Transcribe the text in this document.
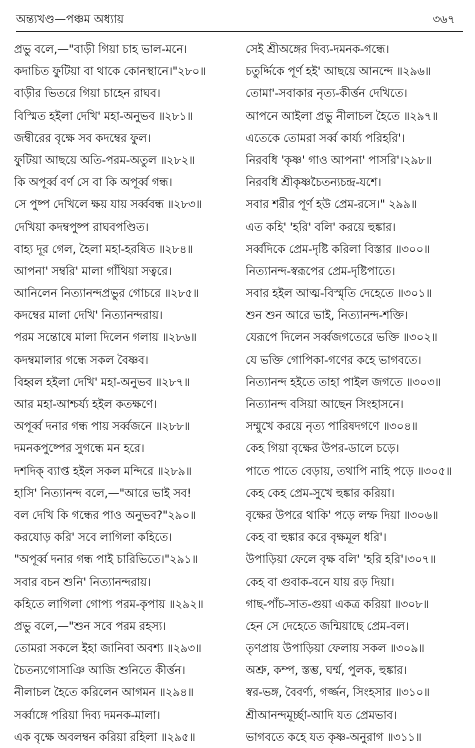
অন্ত্যখণ্ড—পঞ্চম অধ্যায়	৩৬৭
প্রভু বলে,—"বাড়ী গিয়া চাহ ভাল-মনে।
কদাচিত ফুটিয়া বা থাকে কোনস্থানে।"২৮০॥
বাড়ীর ভিতরে গিয়া চাহেন রাঘব।
বিস্মিত হইলা দেখি' মহা-অনুভব ॥২৮১॥
জম্বীরের বৃক্ষে সব কদম্বের ফুল।
ফুটিয়া আছয়ে অতি-পরম-অতুল ॥২৮২॥
কি অপূর্ব্ব বর্ণ সে বা কি অপূর্ব্ব গন্ধ।
সে পুষ্প দেখিলে ক্ষয় যায় সর্ব্ববন্ধ ॥২৮৩॥
দেখিয়া কদম্বপুষ্প রাঘবপণ্ডিত।
বাহ্য দূর গেল, হৈলা মহা-হরষিত ॥২৮৪॥
আপনা' সম্বরি' মালা গাঁথিয়া সত্বরে।
আনিলেন নিত্যানন্দপ্রভুর গোচরে ॥২৮৫॥
কদম্বের মালা দেখি' নিত্যানন্দরায়।
পরম সন্তোষে মালা দিলেন গলায় ॥২৮৬॥
কদম্বমালার গন্ধে সকল বৈষ্ণব।
বিহ্বল হইলা দেখি' মহা-অনুভব ॥২৮৭॥
আর মহা-আশ্চর্য্য হইল কতক্ষণে।
অপূর্ব্ব দনার গন্ধ পায় সর্ব্বজনে ॥২৮৮॥
দমনকপুষ্পের সুগন্ধে মন হরে।
দশদিক্‌ ব্যাপ্ত হইল সকল মন্দিরে ॥২৮৯॥
হাসি' নিত্যানন্দ বলে,—"আরে ভাই সব!
বল দেখি কি গন্ধের পাও অনুভব?"২৯০॥
করযোড় করি' সবে লাগিলা কহিতে।
"অপূর্ব্ব দনার গন্ধ পাই চারিভিতে।"২৯১॥
সবার বচন শুনি' নিত্যানন্দরায়।
কহিতে লাগিলা গোপ্য পরম-কৃপায় ॥২৯২॥
প্রভু বলে,—"শুন সবে পরম রহস্য।
তোমরা সকলে ইহা জানিবা অবশ্য ॥২৯৩॥
চৈতন্যগোসাঞি আজি শুনিতে কীর্ত্তন।
নীলাচল হৈতে করিলেন আগমন ॥২৯৪॥
সর্ব্বাঙ্গে পরিয়া দিব্য দমনক-মালা।
এক বৃক্ষে অবলম্বন করিয়া রহিলা ॥২৯৫॥
সেই শ্রীঅঙ্গের দিব্য-দমনক-গন্ধে।
চতুর্দ্দিকে পূর্ণ হই' আছয়ে আনন্দে ॥২৯৬॥
তোমা'-সবাকার নৃত্য-কীর্ত্তন দেখিতে।
আপনে আইলা প্রভু নীলাচল হৈতে ॥২৯৭॥
এতেকে তোমরা সর্ব্ব কার্য্য পরিহরি'।
নিরবধি 'কৃষ্ণ' গাও আপনা' পাসরি'।২৯৮॥
নিরবধি শ্রীকৃষ্ণচৈতন্যচন্দ্র-যশে।
সবার শরীর পূর্ণ হউ প্রেম-রসে।" ২৯৯॥
এত কহি' 'হরি' বলি' করয়ে হুঙ্কার।
সর্ব্বদিকে প্রেম-দৃষ্টি করিলা বিস্তার ॥৩০০॥
নিত্যানন্দ-স্বরূপের প্রেম-দৃষ্টিপাতে।
সবার হইল আত্ম-বিস্মৃতি দেহেতে ॥৩০১॥
শুন শুন আরে ভাই, নিত্যানন্দ-শক্তি।
যেরূপে দিলেন সর্ব্বজগতেরে ভক্তি ॥৩০২॥
যে ভক্তি গোপিকা-গণের কহে ভাগবতে।
নিত্যানন্দ হইতে তাহা পাইল জগতে ॥৩০৩॥
নিত্যানন্দ বসিয়া আছেন সিংহাসনে।
সম্মুখে করয়ে নৃত্য পারিষদগণে ॥৩০৪॥
কেহ গিয়া বৃক্ষের উপর-ডালে চড়ে।
পাতে পাতে বেড়ায়, তথাপি নাহি পড়ে ॥৩০৫॥
কেহ কেহ প্রেম-সুখে হুঙ্কার করিয়া।
বৃক্ষের উপরে থাকি' পড়ে লম্ফ দিয়া ॥৩০৬॥
কেহ বা হুঙ্কার করে বৃক্ষমূল ধরি'।
উপাড়িয়া ফেলে বৃক্ষ বলি' 'হরি হরি'।৩০৭॥
কেহ বা গুবাক-বনে যায় রড় দিয়া।
গাছ-পাঁচ-সাত-গুয়া একত্র করিয়া ॥৩০৮॥
হেন সে দেহেতে জন্মিয়াছে প্রেম-বল।
তৃণপ্রায় উপাড়িয়া ফেলায় সকল ॥৩০৯॥
অশ্রু, কম্প, স্তম্ভ, ঘর্ম্ম, পুলক, হুঙ্কার।
স্বর-ভঙ্গ, বৈবর্ণ্য, গর্জ্জন, সিংহসার ॥৩১০॥
শ্রীআনন্দমূর্চ্ছা-আদি যত প্রেমভাব।
ভাগবতে কহে যত কৃষ্ণ-অনুরাগ ॥৩১১॥
